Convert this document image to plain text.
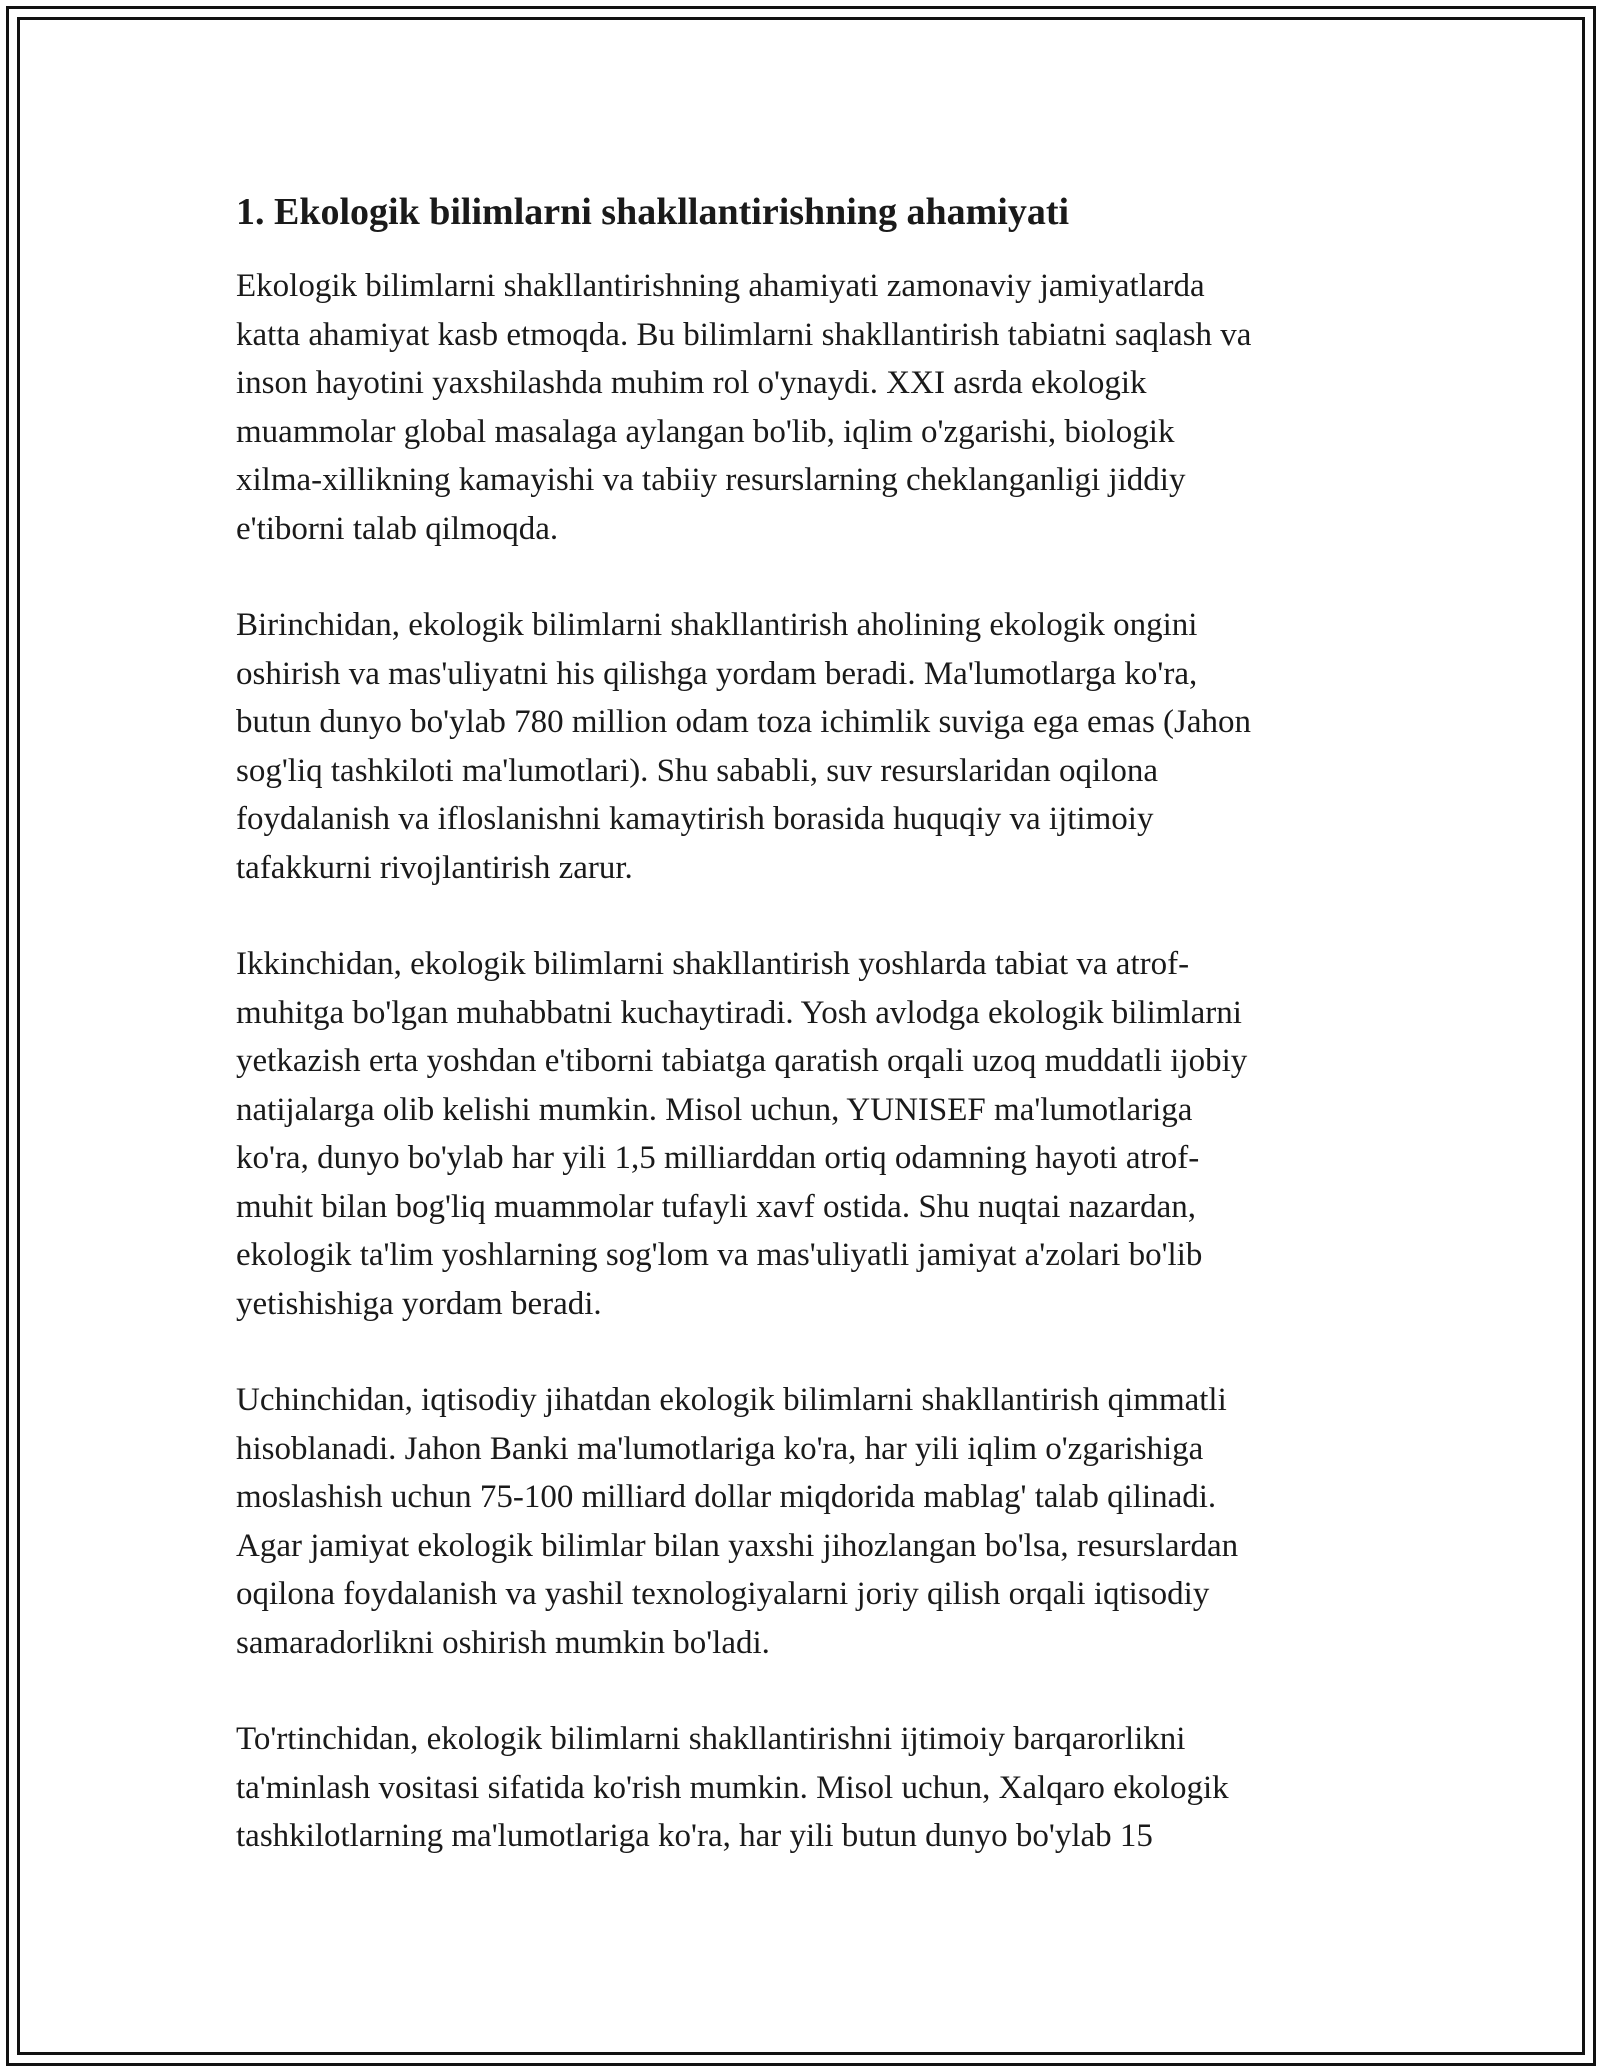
1. Ekologik bilimlarni shakllantirishning ahamiyati

Ekologik bilimlarni shakllantirishning ahamiyati zamonaviy jamiyatlarda
katta ahamiyat kasb etmoqda. Bu bilimlarni shakllantirish tabiatni saqlash va
inson hayotini yaxshilashda muhim rol o'ynaydi. XXI asrda ekologik
muammolar global masalaga aylangan bo'lib, iqlim o'zgarishi, biologik
xilma-xillikning kamayishi va tabiiy resurslarning cheklanganligi jiddiy
e'tiborni talab qilmoqda.

Birinchidan, ekologik bilimlarni shakllantirish aholining ekologik ongini
oshirish va mas'uliyatni his qilishga yordam beradi. Ma'lumotlarga ko'ra,
butun dunyo bo'ylab 780 million odam toza ichimlik suviga ega emas (Jahon
sog'liq tashkiloti ma'lumotlari). Shu sababli, suv resurslaridan oqilona
foydalanish va ifloslanishni kamaytirish borasida huquqiy va ijtimoiy
tafakkurni rivojlantirish zarur.

Ikkinchidan, ekologik bilimlarni shakllantirish yoshlarda tabiat va atrof-
muhitga bo'lgan muhabbatni kuchaytiradi. Yosh avlodga ekologik bilimlarni
yetkazish erta yoshdan e'tiborni tabiatga qaratish orqali uzoq muddatli ijobiy
natijalarga olib kelishi mumkin. Misol uchun, YUNISEF ma'lumotlariga
ko'ra, dunyo bo'ylab har yili 1,5 milliarddan ortiq odamning hayoti atrof-
muhit bilan bog'liq muammolar tufayli xavf ostida. Shu nuqtai nazardan,
ekologik ta'lim yoshlarning sog'lom va mas'uliyatli jamiyat a'zolari bo'lib
yetishishiga yordam beradi.

Uchinchidan, iqtisodiy jihatdan ekologik bilimlarni shakllantirish qimmatli
hisoblanadi. Jahon Banki ma'lumotlariga ko'ra, har yili iqlim o'zgarishiga
moslashish uchun 75-100 milliard dollar miqdorida mablag' talab qilinadi.
Agar jamiyat ekologik bilimlar bilan yaxshi jihozlangan bo'lsa, resurslardan
oqilona foydalanish va yashil texnologiyalarni joriy qilish orqali iqtisodiy
samaradorlikni oshirish mumkin bo'ladi.

To'rtinchidan, ekologik bilimlarni shakllantirishni ijtimoiy barqarorlikni
ta'minlash vositasi sifatida ko'rish mumkin. Misol uchun, Xalqaro ekologik
tashkilotlarning ma'lumotlariga ko'ra, har yili butun dunyo bo'ylab 15
